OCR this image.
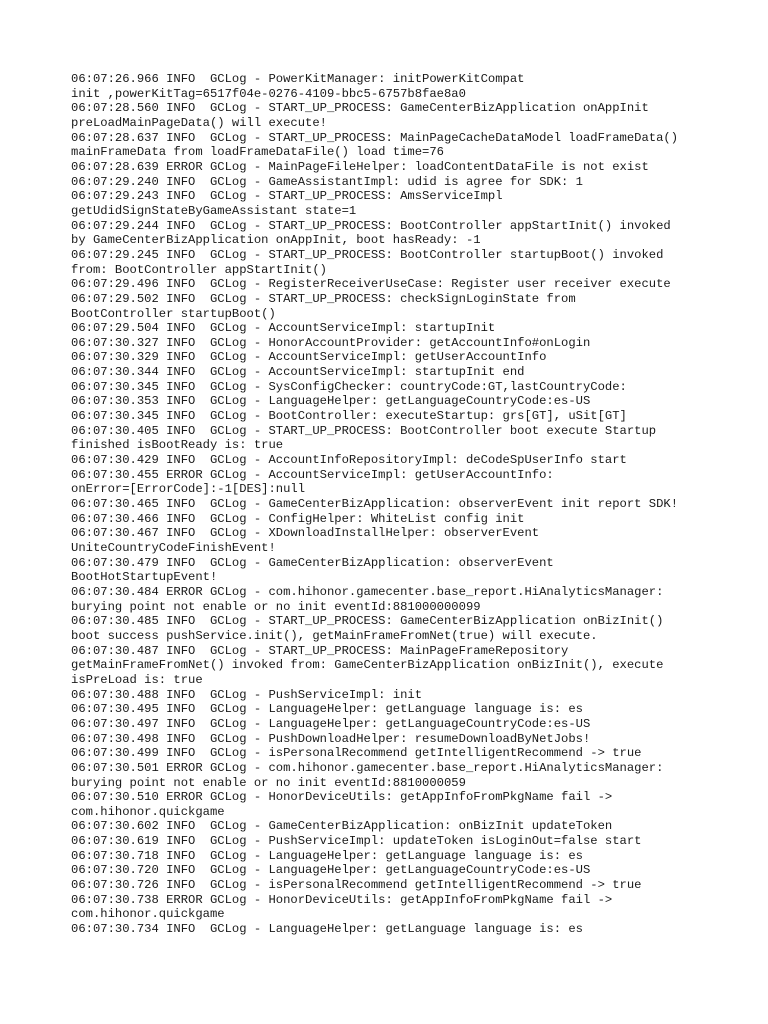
06:07:26.966 INFO  GCLog - PowerKitManager: initPowerKitCompat

init ,powerKitTag=6517f04e-0276-4109-bbc5-6757b8fae8a0

06:07:28.560 INFO  GCLog - START_UP_PROCESS: GameCenterBizApplication onAppInit

preLoadMainPageData() will execute!

06:07:28.637 INFO  GCLog - START_UP_PROCESS: MainPageCacheDataModel loadFrameData()

mainFrameData from loadFrameDataFile() load time=76

06:07:28.639 ERROR GCLog - MainPageFileHelper: loadContentDataFile is not exist

06:07:29.240 INFO  GCLog - GameAssistantImpl: udid is agree for SDK: 1

06:07:29.243 INFO  GCLog - START_UP_PROCESS: AmsServiceImpl

getUdidSignStateByGameAssistant state=1

06:07:29.244 INFO  GCLog - START_UP_PROCESS: BootController appStartInit() invoked

by GameCenterBizApplication onAppInit, boot hasReady: -1

06:07:29.245 INFO  GCLog - START_UP_PROCESS: BootController startupBoot() invoked

from: BootController appStartInit()

06:07:29.496 INFO  GCLog - RegisterReceiverUseCase: Register user receiver execute

06:07:29.502 INFO  GCLog - START_UP_PROCESS: checkSignLoginState from

BootController startupBoot()

06:07:29.504 INFO  GCLog - AccountServiceImpl: startupInit

06:07:30.327 INFO  GCLog - HonorAccountProvider: getAccountInfo#onLogin

06:07:30.329 INFO  GCLog - AccountServiceImpl: getUserAccountInfo

06:07:30.344 INFO  GCLog - AccountServiceImpl: startupInit end

06:07:30.345 INFO  GCLog - SysConfigChecker: countryCode:GT,lastCountryCode:

06:07:30.353 INFO  GCLog - LanguageHelper: getLanguageCountryCode:es-US

06:07:30.345 INFO  GCLog - BootController: executeStartup: grs[GT], uSit[GT]

06:07:30.405 INFO  GCLog - START_UP_PROCESS: BootController boot execute Startup

finished isBootReady is: true

06:07:30.429 INFO  GCLog - AccountInfoRepositoryImpl: deCodeSpUserInfo start

06:07:30.455 ERROR GCLog - AccountServiceImpl: getUserAccountInfo:

onError=[ErrorCode]:-1[DES]:null

06:07:30.465 INFO  GCLog - GameCenterBizApplication: observerEvent init report SDK!

06:07:30.466 INFO  GCLog - ConfigHelper: WhiteList config init

06:07:30.467 INFO  GCLog - XDownloadInstallHelper: observerEvent

UniteCountryCodeFinishEvent!

06:07:30.479 INFO  GCLog - GameCenterBizApplication: observerEvent

BootHotStartupEvent!

06:07:30.484 ERROR GCLog - com.hihonor.gamecenter.base_report.HiAnalyticsManager:

burying point not enable or no init eventId:881000000099

06:07:30.485 INFO  GCLog - START_UP_PROCESS: GameCenterBizApplication onBizInit()

boot success pushService.init(), getMainFrameFromNet(true) will execute.

06:07:30.487 INFO  GCLog - START_UP_PROCESS: MainPageFrameRepository

getMainFrameFromNet() invoked from: GameCenterBizApplication onBizInit(), execute

isPreLoad is: true

06:07:30.488 INFO  GCLog - PushServiceImpl: init

06:07:30.495 INFO  GCLog - LanguageHelper: getLanguage language is: es

06:07:30.497 INFO  GCLog - LanguageHelper: getLanguageCountryCode:es-US

06:07:30.498 INFO  GCLog - PushDownloadHelper: resumeDownloadByNetJobs!

06:07:30.499 INFO  GCLog - isPersonalRecommend getIntelligentRecommend -> true

06:07:30.501 ERROR GCLog - com.hihonor.gamecenter.base_report.HiAnalyticsManager:

burying point not enable or no init eventId:8810000059

06:07:30.510 ERROR GCLog - HonorDeviceUtils: getAppInfoFromPkgName fail ->

com.hihonor.quickgame

06:07:30.602 INFO  GCLog - GameCenterBizApplication: onBizInit updateToken

06:07:30.619 INFO  GCLog - PushServiceImpl: updateToken isLoginOut=false start

06:07:30.718 INFO  GCLog - LanguageHelper: getLanguage language is: es

06:07:30.720 INFO  GCLog - LanguageHelper: getLanguageCountryCode:es-US

06:07:30.726 INFO  GCLog - isPersonalRecommend getIntelligentRecommend -> true

06:07:30.738 ERROR GCLog - HonorDeviceUtils: getAppInfoFromPkgName fail ->

com.hihonor.quickgame

06:07:30.734 INFO  GCLog - LanguageHelper: getLanguage language is: es
